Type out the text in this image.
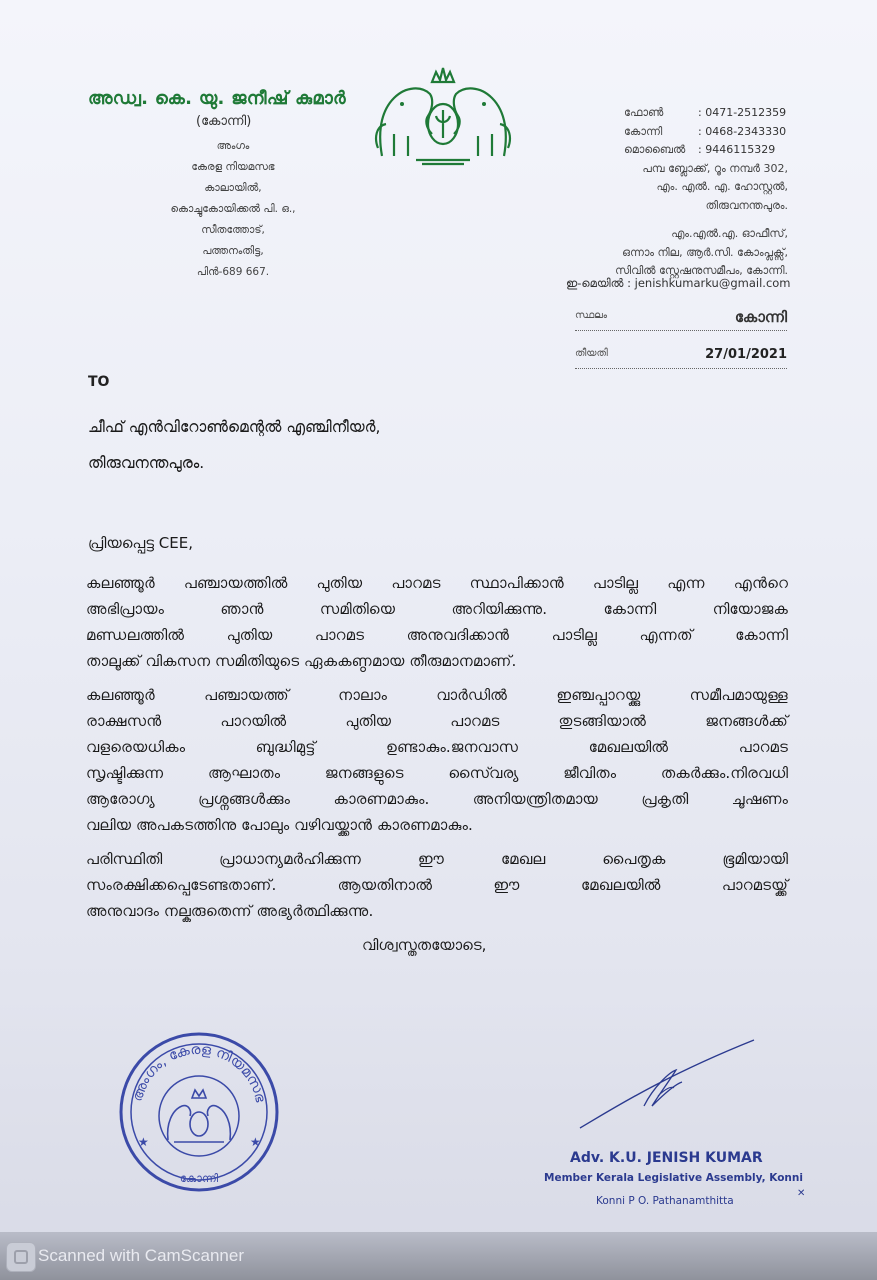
അഡ്വ. കെ. യു. ജനീഷ് കുമാർ
(കോന്നി)
അംഗം
കേരള നിയമസഭ
കാലായിൽ,
കൊച്ചുകോയിക്കൽ പി. ഒ.,
സീതത്തോട്,
പത്തനംതിട്ട,
പിൻ-689 667.
ഫോൺ	: 0471-2512359
കോന്നി	: 0468-2343330
മൊബൈൽ	: 9446115329
പമ്പ ബ്ലോക്ക്, റൂം നമ്പർ 302,
എം. എൽ. എ. ഹോസ്റ്റൽ,
തിരുവനന്തപുരം.
എം.എൽ.എ. ഓഫീസ്,
ഒന്നാം നില, ആർ.സി. കോംപ്ലക്സ്,
സിവിൽ സ്റ്റേഷനുസമീപം, കോന്നി.
ഇ-മെയിൽ : jenishkumarku@gmail.com
സ്ഥലം	കോന്നി
തീയതി	27/01/2021
TO
ചീഫ് എൻവിറോൺമെന്റൽ എഞ്ചിനീയർ,
തിരുവനന്തപുരം.
പ്രിയപ്പെട്ട CEE,
കലഞ്ഞൂർ പഞ്ചായത്തിൽ പുതിയ പാറമട സ്ഥാപിക്കാൻ പാടില്ല എന്ന എൻറെ
അഭിപ്രായം ഞാൻ സമിതിയെ അറിയിക്കുന്നു. കോന്നി നിയോജക
മണ്ഡലത്തിൽ പുതിയ പാറമട അനുവദിക്കാൻ പാടില്ല എന്നത് കോന്നി
താലൂക്ക് വികസന സമിതിയുടെ ഏകകണ്ഠമായ തീരുമാനമാണ്.
കലഞ്ഞൂർ പഞ്ചായത്ത് നാലാം വാർഡിൽ ഇഞ്ചപ്പാറയ്ക്കു സമീപമായുള്ള
രാക്ഷസൻ പാറയിൽ പുതിയ പാറമട തുടങ്ങിയാൽ ജനങ്ങൾക്ക്
വളരെയധികം ബുദ്ധിമുട്ട് ഉണ്ടാകും.ജനവാസ മേഖലയിൽ പാറമട
സൃഷ്ടിക്കുന്ന ആഘാതം ജനങ്ങളുടെ സൈ്വര്യ ജീവിതം തകർക്കും.നിരവധി
ആരോഗ്യ പ്രശ്നങ്ങൾക്കും കാരണമാകും. അനിയന്ത്രിതമായ പ്രകൃതി ചൂഷണം
വലിയ അപകടത്തിനു പോലും വഴിവയ്ക്കാൻ കാരണമാകും.
പരിസ്ഥിതി പ്രാധാന്യമർഹിക്കുന്ന ഈ മേഖല പൈതൃക ഭൂമിയായി
സംരക്ഷിക്കപ്പെടേണ്ടതാണ്. ആയതിനാൽ ഈ മേഖലയിൽ പാറമടയ്ക്ക്
അനുവാദം നല്കരുതെന്ന് അഭ്യർത്ഥിക്കുന്നു.
വിശ്വസ്തതയോടെ,
അംഗം, കേരള നിയമസഭ
★	★
കോന്നി
Adv. K.U. JENISH KUMAR
Member Kerala Legislative Assembly, Konni
Konni P O. Pathanamthitta
✕
Scanned with CamScanner
